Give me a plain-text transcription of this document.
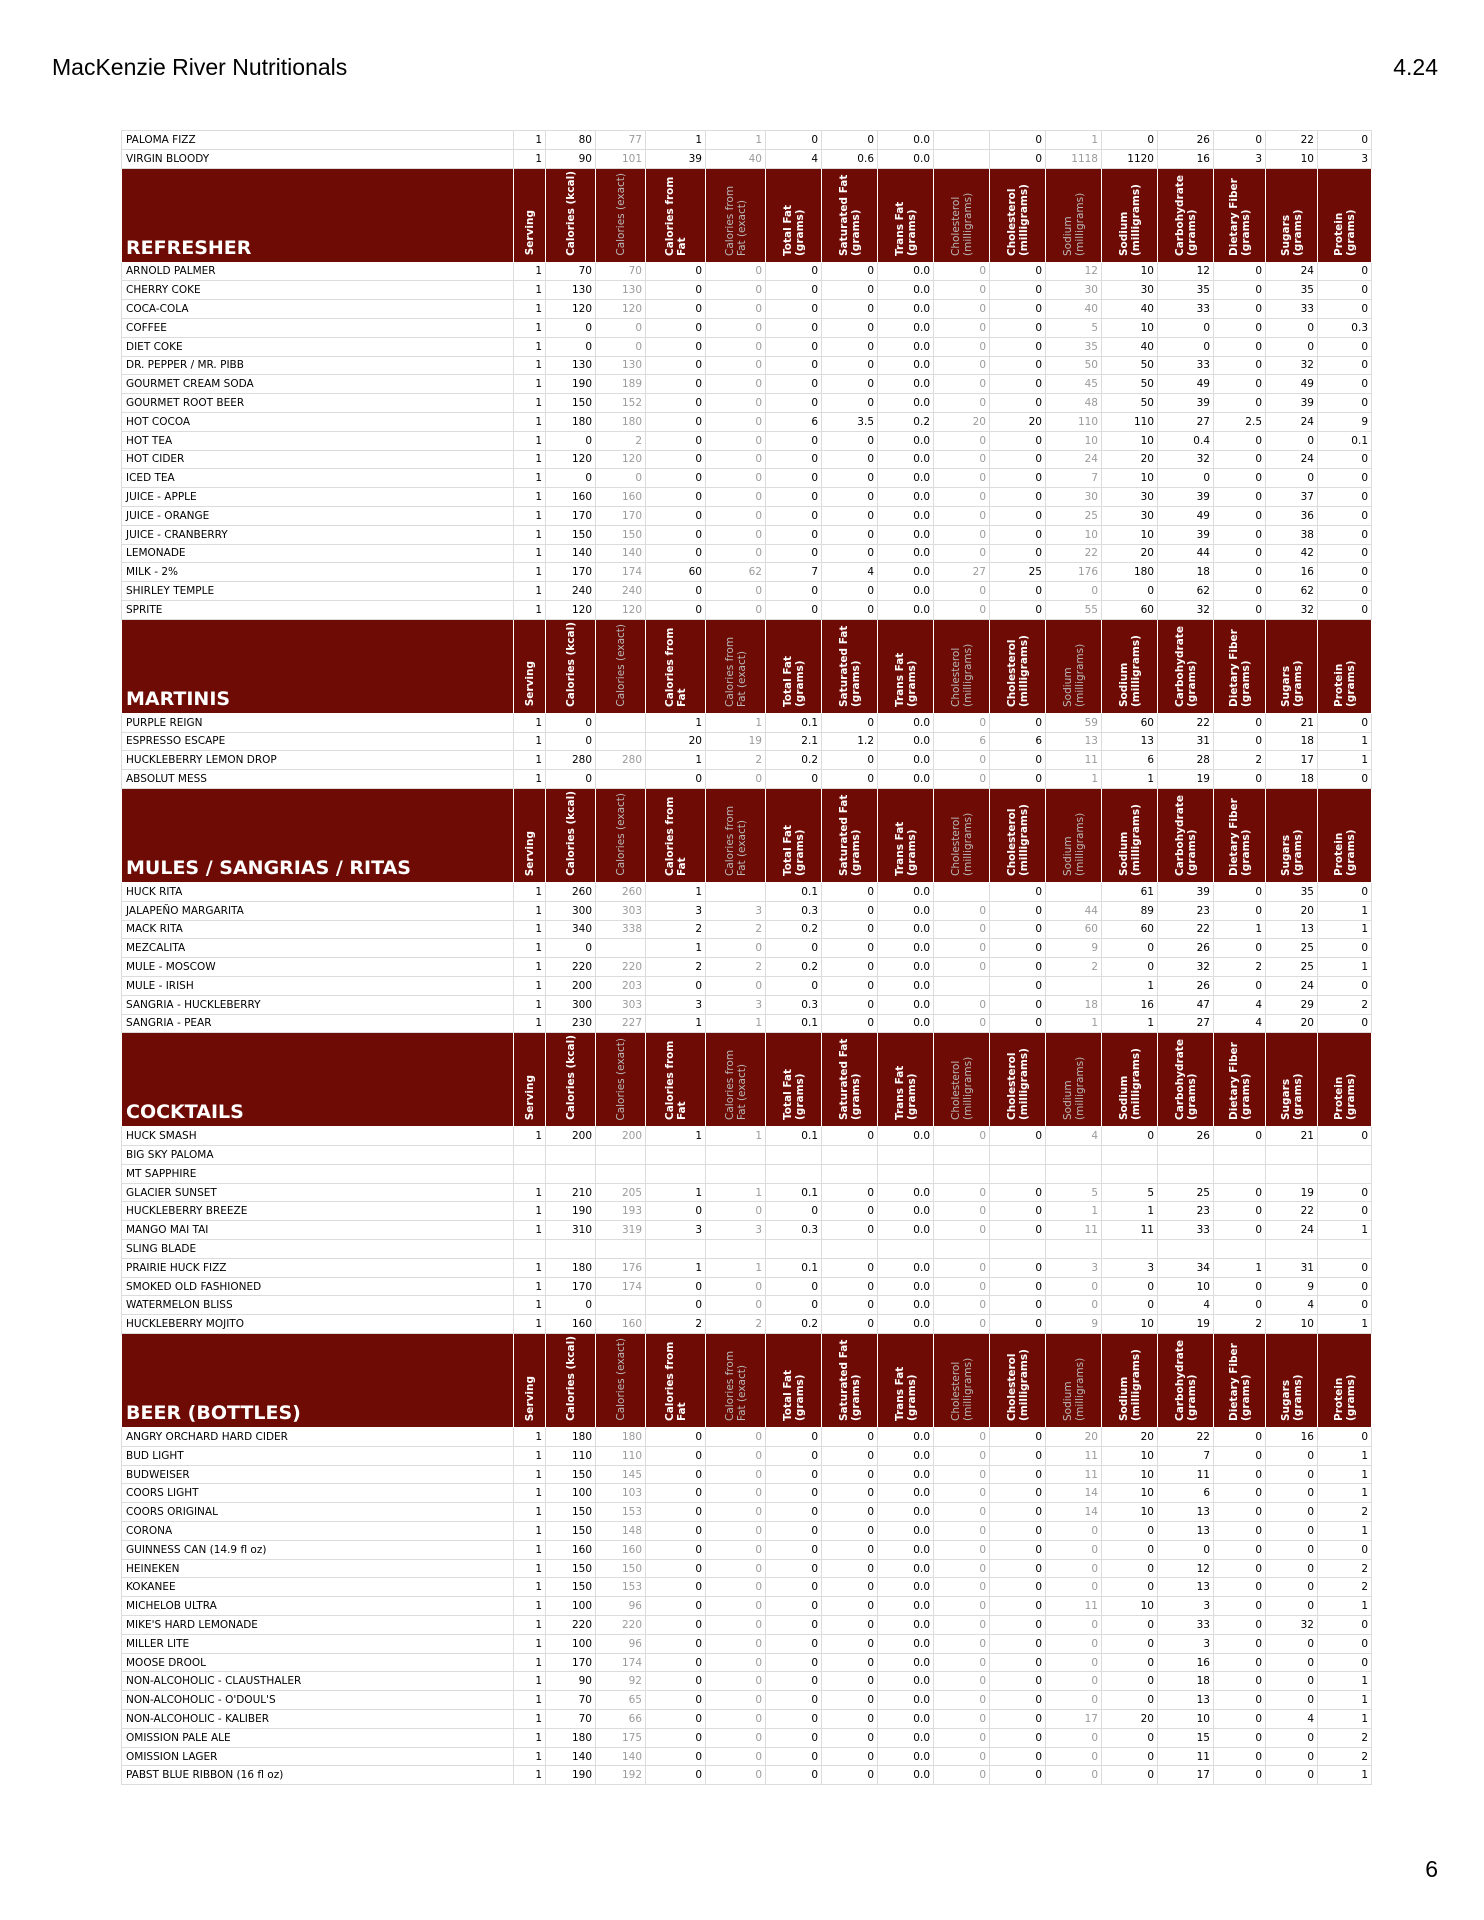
MacKenzie River Nutritionals	4.24
PALOMA FIZZ	1	80	77	1	1	0	0	0.0		0	1	0	26	0	22	0
VIRGIN BLOODY	1	90	101	39	40	4	0.6	0.0		0	1118	1120	16	3	10	3
REFRESHER	Serving	Calories (kcal)	Calories (exact)	Calories from Fat	Calories from Fat (exact)	Total Fat (grams)	Saturated Fat (grams)	Trans Fat (grams)	Cholesterol (milligrams)	Cholesterol (milligrams)	Sodium (milligrams)	Sodium (milligrams)	Carbohydrate (grams)	Dietary Fiber (grams)	Sugars (grams)	Protein (grams)
ARNOLD PALMER	1	70	70	0	0	0	0	0.0	0	0	12	10	12	0	24	0
CHERRY COKE	1	130	130	0	0	0	0	0.0	0	0	30	30	35	0	35	0
COCA-COLA	1	120	120	0	0	0	0	0.0	0	0	40	40	33	0	33	0
COFFEE	1	0	0	0	0	0	0	0.0	0	0	5	10	0	0	0	0.3
DIET COKE	1	0	0	0	0	0	0	0.0	0	0	35	40	0	0	0	0
DR. PEPPER / MR. PIBB	1	130	130	0	0	0	0	0.0	0	0	50	50	33	0	32	0
GOURMET CREAM SODA	1	190	189	0	0	0	0	0.0	0	0	45	50	49	0	49	0
GOURMET ROOT BEER	1	150	152	0	0	0	0	0.0	0	0	48	50	39	0	39	0
HOT COCOA	1	180	180	0	0	6	3.5	0.2	20	20	110	110	27	2.5	24	9
HOT TEA	1	0	2	0	0	0	0	0.0	0	0	10	10	0.4	0	0	0.1
HOT CIDER	1	120	120	0	0	0	0	0.0	0	0	24	20	32	0	24	0
ICED TEA	1	0	0	0	0	0	0	0.0	0	0	7	10	0	0	0	0
JUICE - APPLE	1	160	160	0	0	0	0	0.0	0	0	30	30	39	0	37	0
JUICE - ORANGE	1	170	170	0	0	0	0	0.0	0	0	25	30	49	0	36	0
JUICE - CRANBERRY	1	150	150	0	0	0	0	0.0	0	0	10	10	39	0	38	0
LEMONADE	1	140	140	0	0	0	0	0.0	0	0	22	20	44	0	42	0
MILK - 2%	1	170	174	60	62	7	4	0.0	27	25	176	180	18	0	16	0
SHIRLEY TEMPLE	1	240	240	0	0	0	0	0.0	0	0	0	0	62	0	62	0
SPRITE	1	120	120	0	0	0	0	0.0	0	0	55	60	32	0	32	0
MARTINIS	Serving	Calories (kcal)	Calories (exact)	Calories from Fat	Calories from Fat (exact)	Total Fat (grams)	Saturated Fat (grams)	Trans Fat (grams)	Cholesterol (milligrams)	Cholesterol (milligrams)	Sodium (milligrams)	Sodium (milligrams)	Carbohydrate (grams)	Dietary Fiber (grams)	Sugars (grams)	Protein (grams)
PURPLE REIGN	1	0		1	1	0.1	0	0.0	0	0	59	60	22	0	21	0
ESPRESSO ESCAPE	1	0		20	19	2.1	1.2	0.0	6	6	13	13	31	0	18	1
HUCKLEBERRY LEMON DROP	1	280	280	1	2	0.2	0	0.0	0	0	11	6	28	2	17	1
ABSOLUT MESS	1	0		0	0	0	0	0.0	0	0	1	1	19	0	18	0
MULES / SANGRIAS / RITAS	Serving	Calories (kcal)	Calories (exact)	Calories from Fat	Calories from Fat (exact)	Total Fat (grams)	Saturated Fat (grams)	Trans Fat (grams)	Cholesterol (milligrams)	Cholesterol (milligrams)	Sodium (milligrams)	Sodium (milligrams)	Carbohydrate (grams)	Dietary Fiber (grams)	Sugars (grams)	Protein (grams)
HUCK RITA	1	260	260	1		0.1	0	0.0		0		61	39	0	35	0
JALAPEÑO MARGARITA	1	300	303	3	3	0.3	0	0.0	0	0	44	89	23	0	20	1
MACK RITA	1	340	338	2	2	0.2	0	0.0	0	0	60	60	22	1	13	1
MEZCALITA	1	0		1	0	0	0	0.0	0	0	9	0	26	0	25	0
MULE - MOSCOW	1	220	220	2	2	0.2	0	0.0	0	0	2	0	32	2	25	1
MULE - IRISH	1	200	203	0	0	0	0	0.0		0		1	26	0	24	0
SANGRIA - HUCKLEBERRY	1	300	303	3	3	0.3	0	0.0	0	0	18	16	47	4	29	2
SANGRIA - PEAR	1	230	227	1	1	0.1	0	0.0	0	0	1	1	27	4	20	0
COCKTAILS	Serving	Calories (kcal)	Calories (exact)	Calories from Fat	Calories from Fat (exact)	Total Fat (grams)	Saturated Fat (grams)	Trans Fat (grams)	Cholesterol (milligrams)	Cholesterol (milligrams)	Sodium (milligrams)	Sodium (milligrams)	Carbohydrate (grams)	Dietary Fiber (grams)	Sugars (grams)	Protein (grams)
HUCK SMASH	1	200	200	1	1	0.1	0	0.0	0	0	4	0	26	0	21	0
BIG SKY PALOMA																
MT SAPPHIRE																
GLACIER SUNSET	1	210	205	1	1	0.1	0	0.0	0	0	5	5	25	0	19	0
HUCKLEBERRY BREEZE	1	190	193	0	0	0	0	0.0	0	0	1	1	23	0	22	0
MANGO MAI TAI	1	310	319	3	3	0.3	0	0.0	0	0	11	11	33	0	24	1
SLING BLADE																
PRAIRIE HUCK FIZZ	1	180	176	1	1	0.1	0	0.0	0	0	3	3	34	1	31	0
SMOKED OLD FASHIONED	1	170	174	0	0	0	0	0.0	0	0	0	0	10	0	9	0
WATERMELON BLISS	1	0		0	0	0	0	0.0	0	0	0	0	4	0	4	0
HUCKLEBERRY MOJITO	1	160	160	2	2	0.2	0	0.0	0	0	9	10	19	2	10	1
BEER (BOTTLES)	Serving	Calories (kcal)	Calories (exact)	Calories from Fat	Calories from Fat (exact)	Total Fat (grams)	Saturated Fat (grams)	Trans Fat (grams)	Cholesterol (milligrams)	Cholesterol (milligrams)	Sodium (milligrams)	Sodium (milligrams)	Carbohydrate (grams)	Dietary Fiber (grams)	Sugars (grams)	Protein (grams)
ANGRY ORCHARD HARD CIDER	1	180	180	0	0	0	0	0.0	0	0	20	20	22	0	16	0
BUD LIGHT	1	110	110	0	0	0	0	0.0	0	0	11	10	7	0	0	1
BUDWEISER	1	150	145	0	0	0	0	0.0	0	0	11	10	11	0	0	1
COORS LIGHT	1	100	103	0	0	0	0	0.0	0	0	14	10	6	0	0	1
COORS ORIGINAL	1	150	153	0	0	0	0	0.0	0	0	14	10	13	0	0	2
CORONA	1	150	148	0	0	0	0	0.0	0	0	0	0	13	0	0	1
GUINNESS CAN (14.9 fl oz)	1	160	160	0	0	0	0	0.0	0	0	0	0	0	0	0	0
HEINEKEN	1	150	150	0	0	0	0	0.0	0	0	0	0	12	0	0	2
KOKANEE	1	150	153	0	0	0	0	0.0	0	0	0	0	13	0	0	2
MICHELOB ULTRA	1	100	96	0	0	0	0	0.0	0	0	11	10	3	0	0	1
MIKE'S HARD LEMONADE	1	220	220	0	0	0	0	0.0	0	0	0	0	33	0	32	0
MILLER LITE	1	100	96	0	0	0	0	0.0	0	0	0	0	3	0	0	0
MOOSE DROOL	1	170	174	0	0	0	0	0.0	0	0	0	0	16	0	0	0
NON-ALCOHOLIC - CLAUSTHALER	1	90	92	0	0	0	0	0.0	0	0	0	0	18	0	0	1
NON-ALCOHOLIC - O'DOUL'S	1	70	65	0	0	0	0	0.0	0	0	0	0	13	0	0	1
NON-ALCOHOLIC - KALIBER	1	70	66	0	0	0	0	0.0	0	0	17	20	10	0	4	1
OMISSION PALE ALE	1	180	175	0	0	0	0	0.0	0	0	0	0	15	0	0	2
OMISSION LAGER	1	140	140	0	0	0	0	0.0	0	0	0	0	11	0	0	2
PABST BLUE RIBBON (16 fl oz)	1	190	192	0	0	0	0	0.0	0	0	0	0	17	0	0	1
6
